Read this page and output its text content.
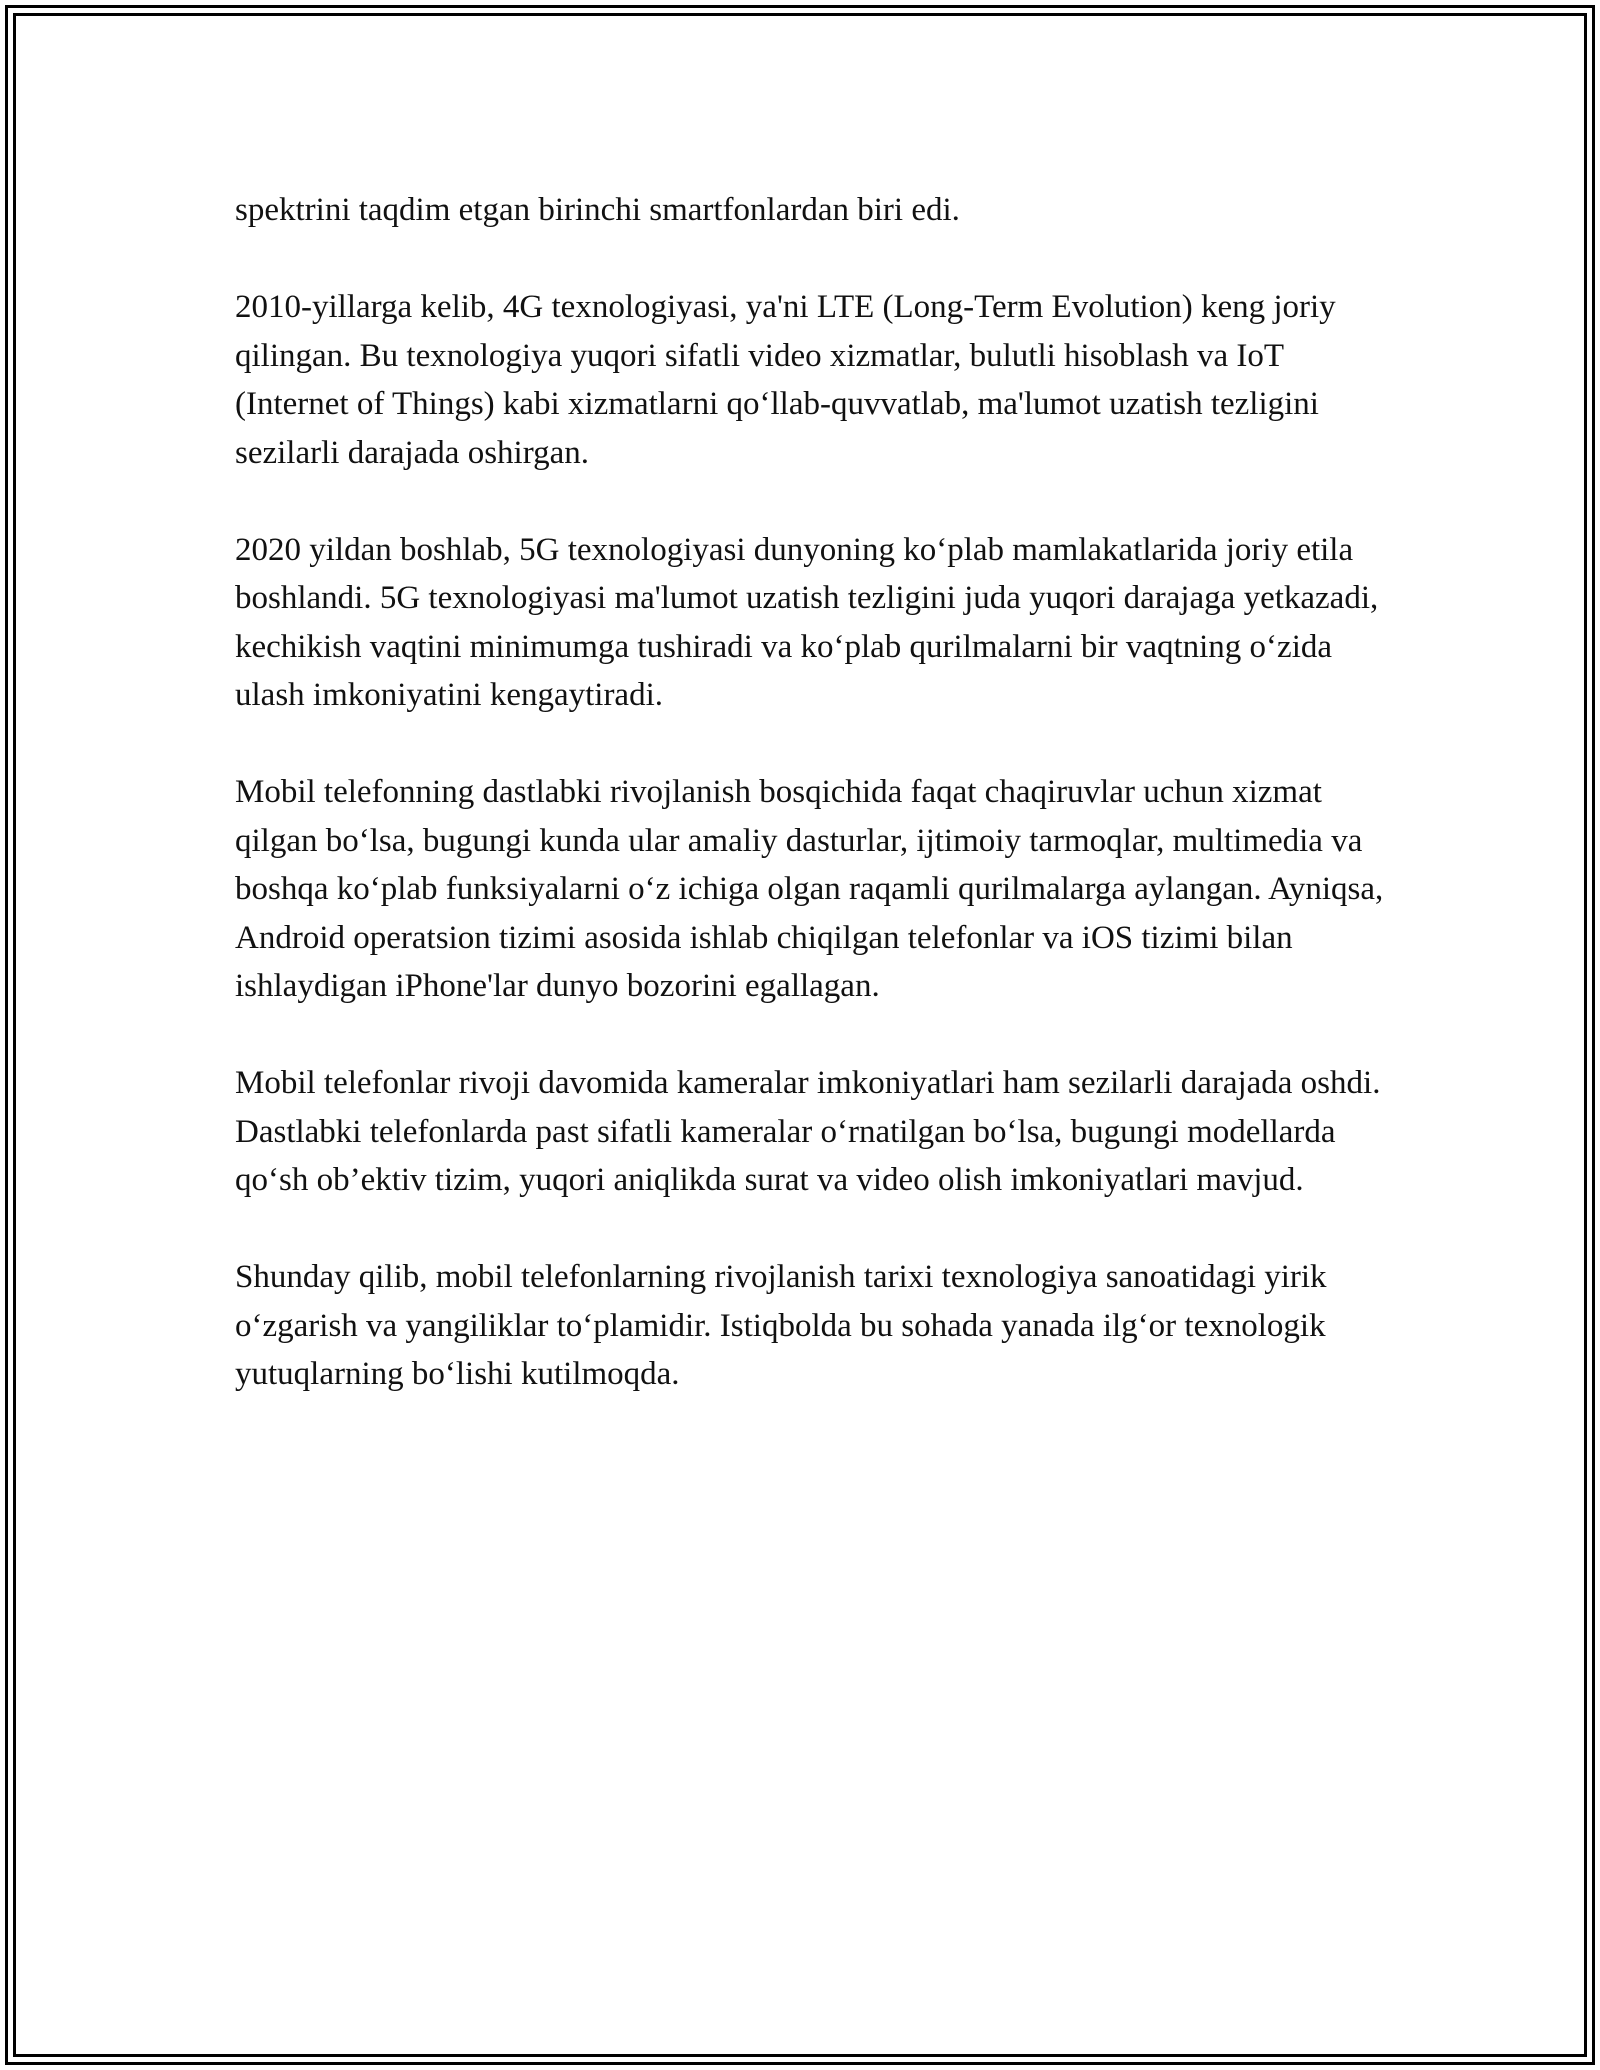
spektrini taqdim etgan birinchi smartfonlardan biri edi.

2010-yillarga kelib, 4G texnologiyasi, ya'ni LTE (Long-Term Evolution) keng joriy qilingan. Bu texnologiya yuqori sifatli video xizmatlar, bulutli hisoblash va IoT (Internet of Things) kabi xizmatlarni qo‘llab-quvvatlab, ma'lumot uzatish tezligini sezilarli darajada oshirgan.

2020 yildan boshlab, 5G texnologiyasi dunyoning ko‘plab mamlakatlarida joriy etila boshlandi. 5G texnologiyasi ma'lumot uzatish tezligini juda yuqori darajaga yetkazadi, kechikish vaqtini minimumga tushiradi va ko‘plab qurilmalarni bir vaqtning o‘zida ulash imkoniyatini kengaytiradi.

Mobil telefonning dastlabki rivojlanish bosqichida faqat chaqiruvlar uchun xizmat qilgan bo‘lsa, bugungi kunda ular amaliy dasturlar, ijtimoiy tarmoqlar, multimedia va boshqa ko‘plab funksiyalarni o‘z ichiga olgan raqamli qurilmalarga aylangan. Ayniqsa, Android operatsion tizimi asosida ishlab chiqilgan telefonlar va iOS tizimi bilan ishlaydigan iPhone'lar dunyo bozorini egallagan.

Mobil telefonlar rivoji davomida kameralar imkoniyatlari ham sezilarli darajada oshdi. Dastlabki telefonlarda past sifatli kameralar o‘rnatilgan bo‘lsa, bugungi modellarda qo‘sh ob’ektiv tizim, yuqori aniqlikda surat va video olish imkoniyatlari mavjud.

Shunday qilib, mobil telefonlarning rivojlanish tarixi texnologiya sanoatidagi yirik o‘zgarish va yangiliklar to‘plamidir. Istiqbolda bu sohada yanada ilg‘or texnologik yutuqlarning bo‘lishi kutilmoqda.
